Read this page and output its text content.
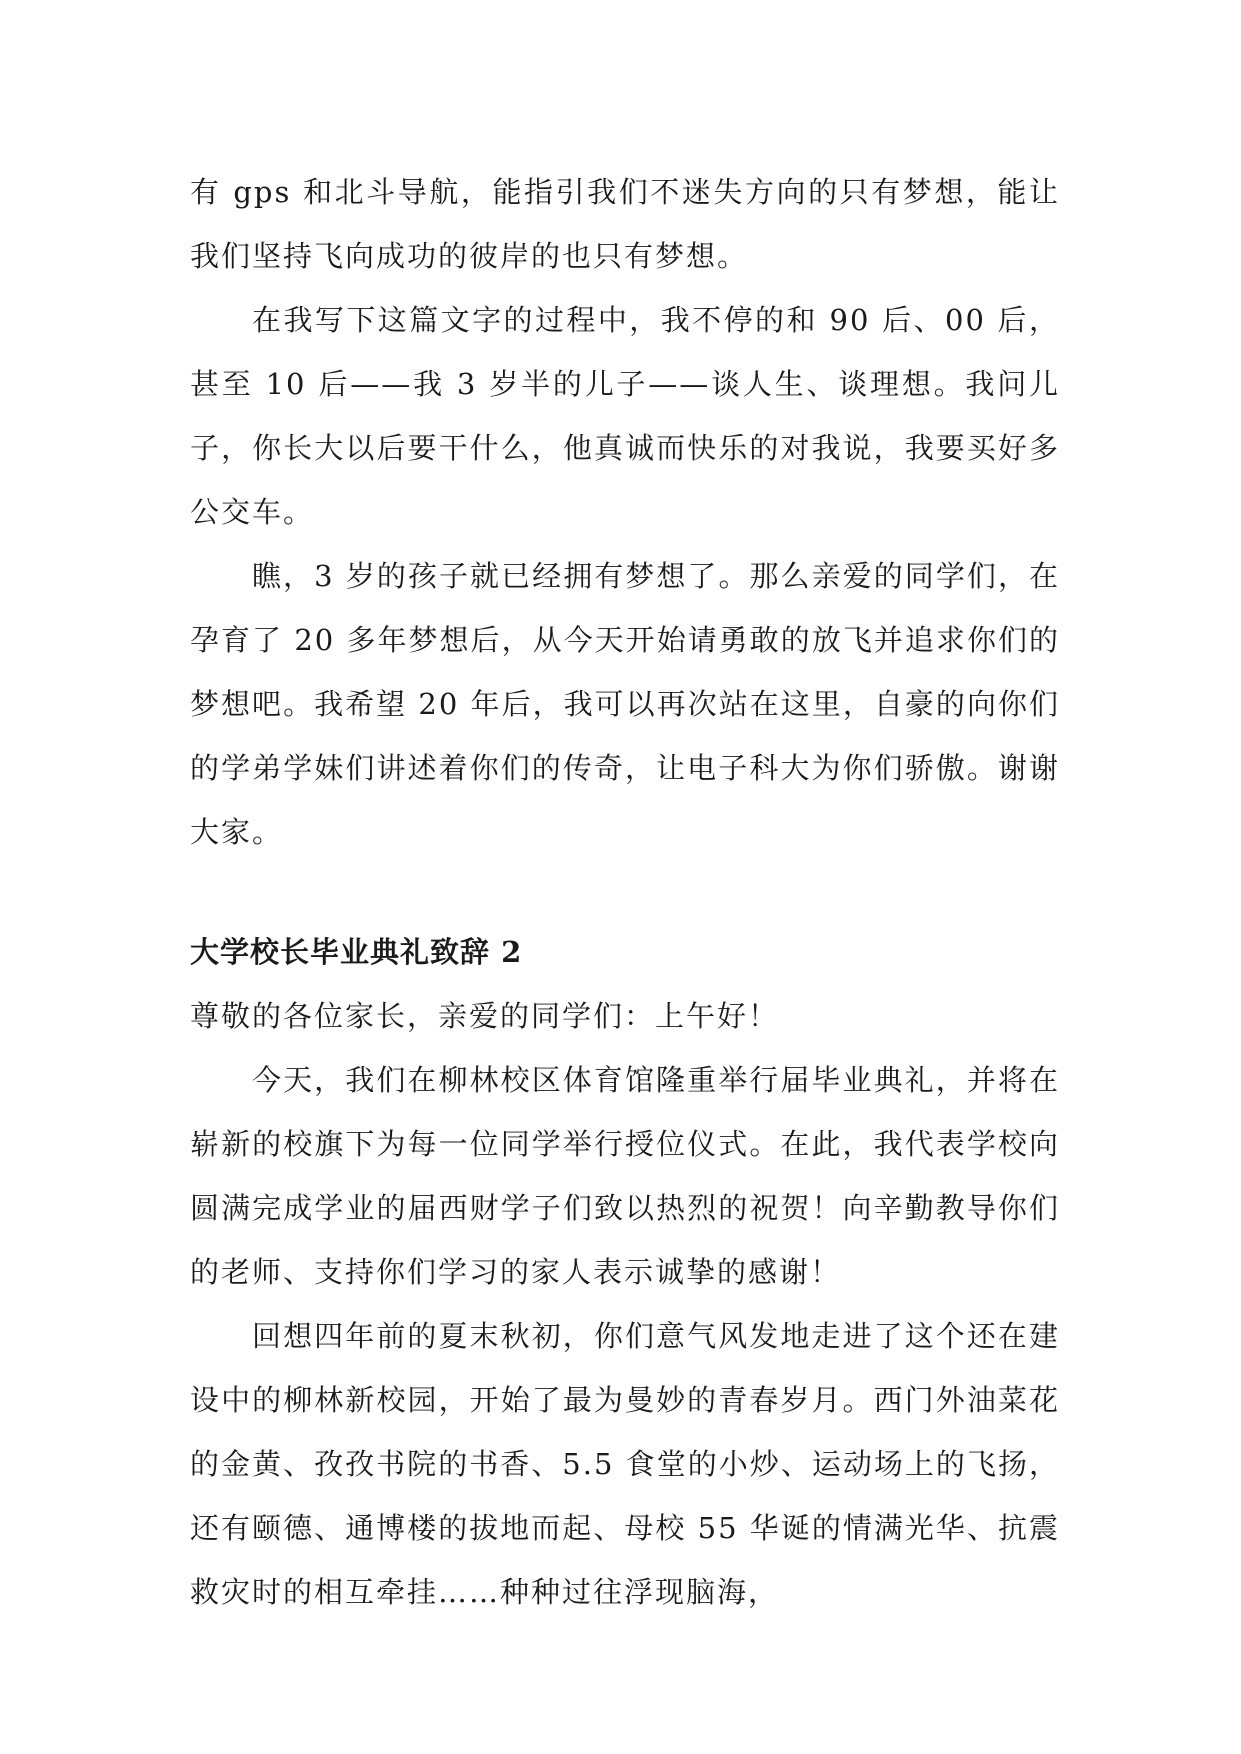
有 gps 和北斗导航，能指引我们不迷失方向的只有梦想，能让我们坚持飞向成功的彼岸的也只有梦想。

在我写下这篇文字的过程中，我不停的和 90 后、00 后，甚至 10 后——我 3 岁半的儿子——谈人生、谈理想。我问儿子，你长大以后要干什么，他真诚而快乐的对我说，我要买好多公交车。

瞧，3 岁的孩子就已经拥有梦想了。那么亲爱的同学们，在孕育了 20 多年梦想后，从今天开始请勇敢的放飞并追求你们的梦想吧。我希望 20 年后，我可以再次站在这里，自豪的向你们的学弟学妹们讲述着你们的传奇，让电子科大为你们骄傲。谢谢大家。

大学校长毕业典礼致辞 2

尊敬的各位家长，亲爱的同学们：上午好！

今天，我们在柳林校区体育馆隆重举行届毕业典礼，并将在崭新的校旗下为每一位同学举行授位仪式。在此，我代表学校向圆满完成学业的届西财学子们致以热烈的祝贺！向辛勤教导你们的老师、支持你们学习的家人表示诚挚的感谢！

回想四年前的夏末秋初，你们意气风发地走进了这个还在建设中的柳林新校园，开始了最为曼妙的青春岁月。西门外油菜花的金黄、孜孜书院的书香、5.5 食堂的小炒、运动场上的飞扬，还有颐德、通博楼的拔地而起、母校 55 华诞的情满光华、抗震救灾时的相互牵挂……种种过往浮现脑海，
